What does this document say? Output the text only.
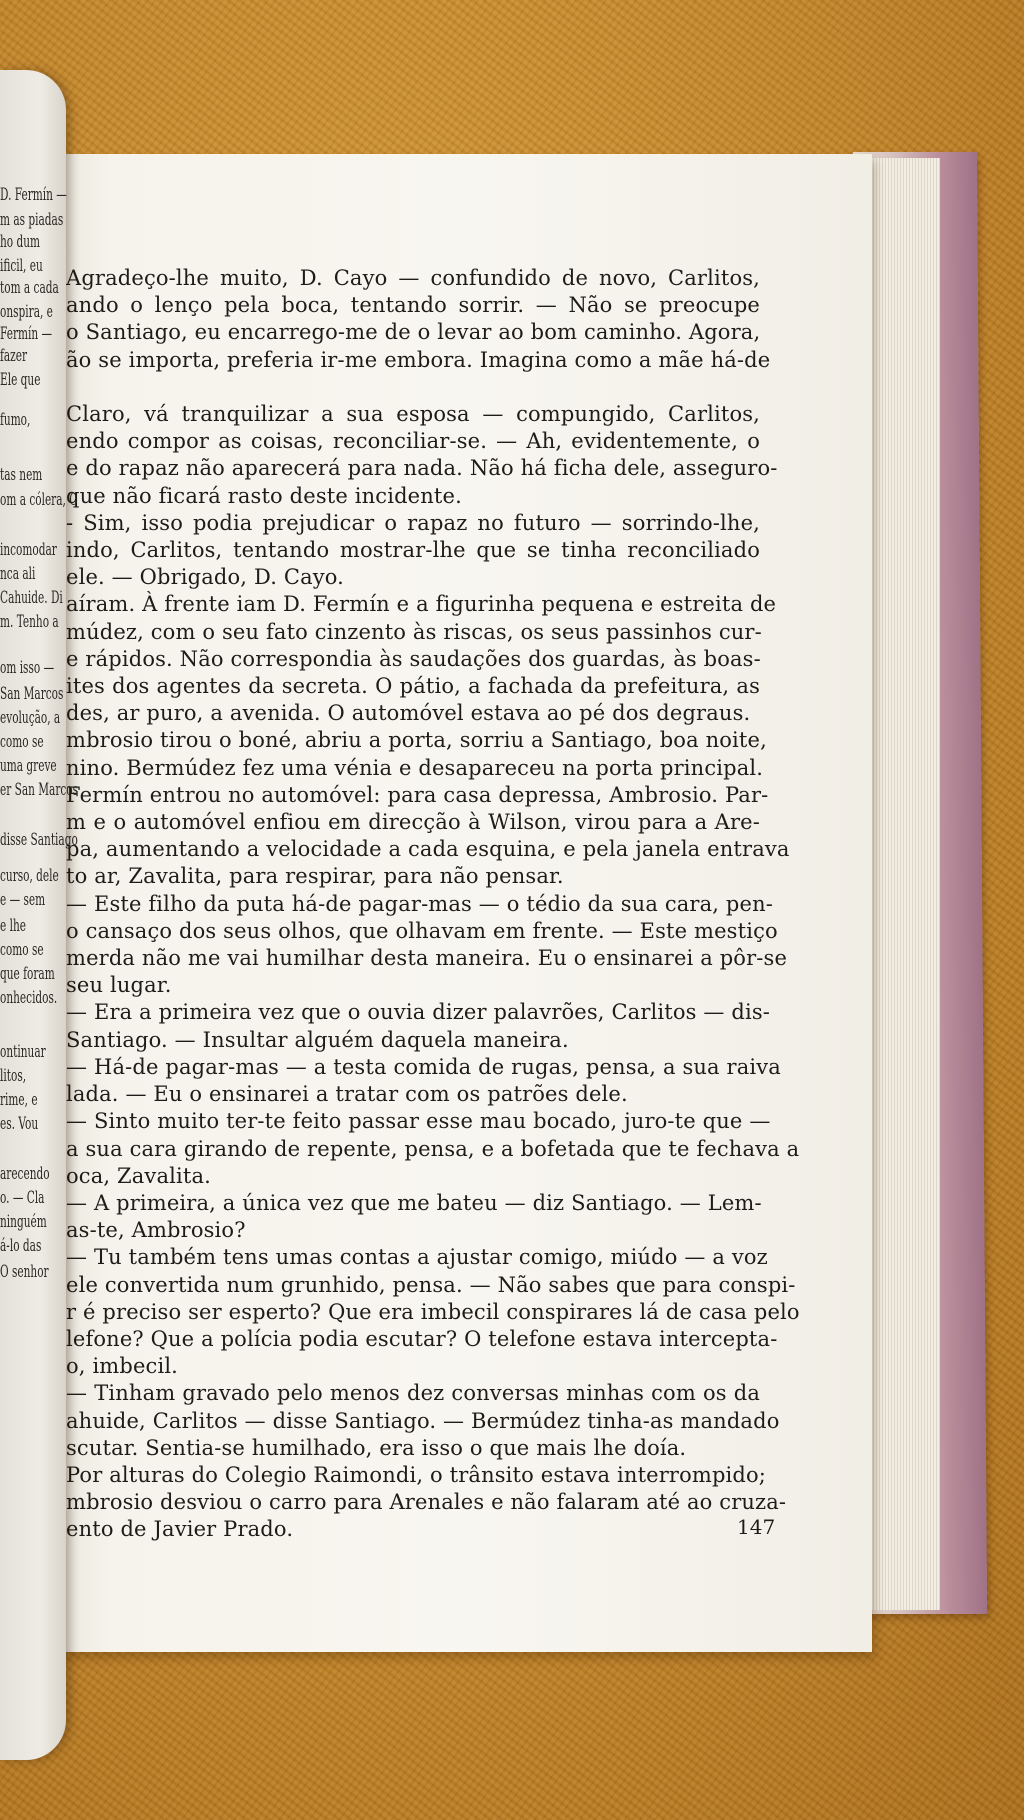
Agradeço-lhe muito, D. Cayo — confundido de novo, Carlitos,
ando o lenço pela boca, tentando sorrir. — Não se preocupe
o Santiago, eu encarrego-me de o levar ao bom caminho. Agora,
ão se importa, preferia ir-me embora. Imagina como a mãe há-de

Claro, vá tranquilizar a sua esposa — compungido, Carlitos,
endo compor as coisas, reconciliar-se. — Ah, evidentemente, o
e do rapaz não aparecerá para nada. Não há ficha dele, asseguro-
que não ficará rasto deste incidente.
- Sim, isso podia prejudicar o rapaz no futuro — sorrindo-lhe,
indo, Carlitos, tentando mostrar-lhe que se tinha reconciliado
ele. — Obrigado, D. Cayo.
aíram. À frente iam D. Fermín e a figurinha pequena e estreita de
múdez, com o seu fato cinzento às riscas, os seus passinhos cur-
e rápidos. Não correspondia às saudações dos guardas, às boas-
ites dos agentes da secreta. O pátio, a fachada da prefeitura, as
des, ar puro, a avenida. O automóvel estava ao pé dos degraus.
mbrosio tirou o boné, abriu a porta, sorriu a Santiago, boa noite,
nino. Bermúdez fez uma vénia e desapareceu na porta principal.
Fermín entrou no automóvel: para casa depressa, Ambrosio. Par-
m e o automóvel enfiou em direcção à Wilson, virou para a Are-
pa, aumentando a velocidade a cada esquina, e pela janela entrava
to ar, Zavalita, para respirar, para não pensar.
— Este filho da puta há-de pagar-mas — o tédio da sua cara, pen-
o cansaço dos seus olhos, que olhavam em frente. — Este mestiço
merda não me vai humilhar desta maneira. Eu o ensinarei a pôr-se
seu lugar.
— Era a primeira vez que o ouvia dizer palavrões, Carlitos — dis-
Santiago. — Insultar alguém daquela maneira.
— Há-de pagar-mas — a testa comida de rugas, pensa, a sua raiva
lada. — Eu o ensinarei a tratar com os patrões dele.
— Sinto muito ter-te feito passar esse mau bocado, juro-te que —
a sua cara girando de repente, pensa, e a bofetada que te fechava a
oca, Zavalita.
— A primeira, a única vez que me bateu — diz Santiago. — Lem-
as-te, Ambrosio?
— Tu também tens umas contas a ajustar comigo, miúdo — a voz
ele convertida num grunhido, pensa. — Não sabes que para conspi-
r é preciso ser esperto? Que era imbecil conspirares lá de casa pelo
lefone? Que a polícia podia escutar? O telefone estava intercepta-
o, imbecil.
— Tinham gravado pelo menos dez conversas minhas com os da
ahuide, Carlitos — disse Santiago. — Bermúdez tinha-as mandado
scutar. Sentia-se humilhado, era isso o que mais lhe doía.
Por alturas do Colegio Raimondi, o trânsito estava interrompido;
mbrosio desviou o carro para Arenales e não falaram até ao cruza-
ento de Javier Prado.	147
D. Fermín —
m as piadas
ho dum
ificil, eu
tom a cada
onspira, e
Fermín —
fazer
Ele que
fumo,
tas nem
om a cólera, C
incomodar
nca ali
Cahuide. Di
m. Tenho a
om isso —
San Marcos
evolução, a
como se
uma greve
er San Marcos
disse Santiago
curso, dele
e — sem
e lhe
como se
que foram
onhecidos.
ontinuar
litos,
rime, e
es. Vou
arecendo
o. — Cla
ninguém
á-lo das
O senhor
